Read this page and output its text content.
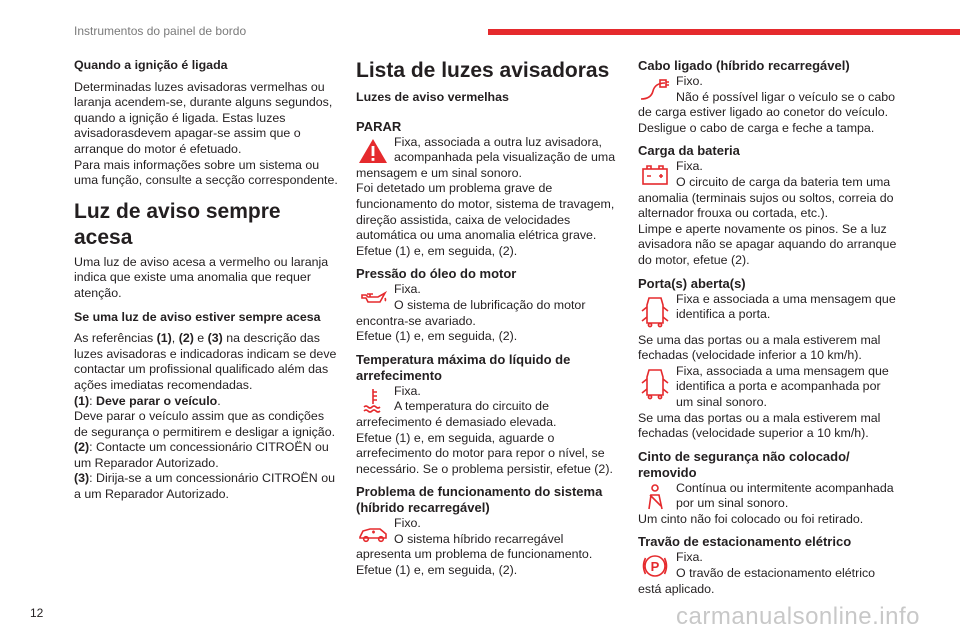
Instrumentos do painel de bordo
Quando a ignição é ligada

Determinadas luzes avisadoras vermelhas ou laranja acendem-se, durante alguns segundos, quando a ignição é ligada. Estas luzes avisadorasdevem apagar-se assim que o arranque do motor é efetuado.

Para mais informações sobre um sistema ou uma função, consulte a secção correspondente.

Luz de aviso sempre acesa

Uma luz de aviso acesa a vermelho ou laranja indica que existe uma anomalia que requer atenção.

Se uma luz de aviso estiver sempre acesa

As referências (1), (2) e (3) na descrição das luzes avisadoras e indicadoras indicam se deve contactar um profissional qualificado além das ações imediatas recomendadas.

(1): Deve parar o veículo.

Deve parar o veículo assim que as condições de segurança o permitirem e desligar a ignição.

(2): Contacte um concessionário CITROËN ou um Reparador Autorizado.

(3): Dirija-se a um concessionário CITROËN ou a um Reparador Autorizado.

Lista de luzes avisadoras
Luzes de aviso vermelhas
PARAR

Fixa, associada a outra luz avisadora, acompanhada pela visualização de uma mensagem e um sinal sonoro.

Foi detetado um problema grave de funcionamento do motor, sistema de travagem, direção assistida, caixa de velocidades automática ou uma anomalia elétrica grave.

Efetue (1) e, em seguida, (2).

Pressão do óleo do motor

Fixa.

O sistema de lubrificação do motor encontra-se avariado.

Efetue (1) e, em seguida, (2).

Temperatura máxima do líquido de arrefecimento

Fixa.

A temperatura do circuito de arrefecimento é demasiado elevada.

Efetue (1) e, em seguida, aguarde o arrefecimento do motor para repor o nível, se necessário. Se o problema persistir, efetue (2).

Problema de funcionamento do sistema (híbrido recarregável)

Fixo.

O sistema híbrido recarregável apresenta um problema de funcionamento.

Efetue (1) e, em seguida, (2).

Cabo ligado (híbrido recarregável)

Fixo.

Não é possível ligar o veículo se o cabo de carga estiver ligado ao conetor do veículo.

Desligue o cabo de carga e feche a tampa.

Carga da bateria

Fixa.

O circuito de carga da bateria tem uma anomalia (terminais sujos ou soltos, correia do alternador frouxa ou cortada, etc.).

Limpe e aperte novamente os pinos. Se a luz avisadora não se apagar aquando do arranque do motor, efetue (2).

Porta(s) aberta(s)

Fixa e associada a uma mensagem que identifica a porta.

Se uma das portas ou a mala estiverem mal fechadas (velocidade inferior a 10 km/h).

Fixa, associada a uma mensagem que identifica a porta e acompanhada por um sinal sonoro.

Se uma das portas ou a mala estiverem mal fechadas (velocidade superior a 10 km/h).

Cinto de segurança não colocado/ removido

Contínua ou intermitente acompanhada por um sinal sonoro.

Um cinto não foi colocado ou foi retirado.

Travão de estacionamento elétrico
P

Fixa.

O travão de estacionamento elétrico está aplicado.

12	carmanualsonline.info
